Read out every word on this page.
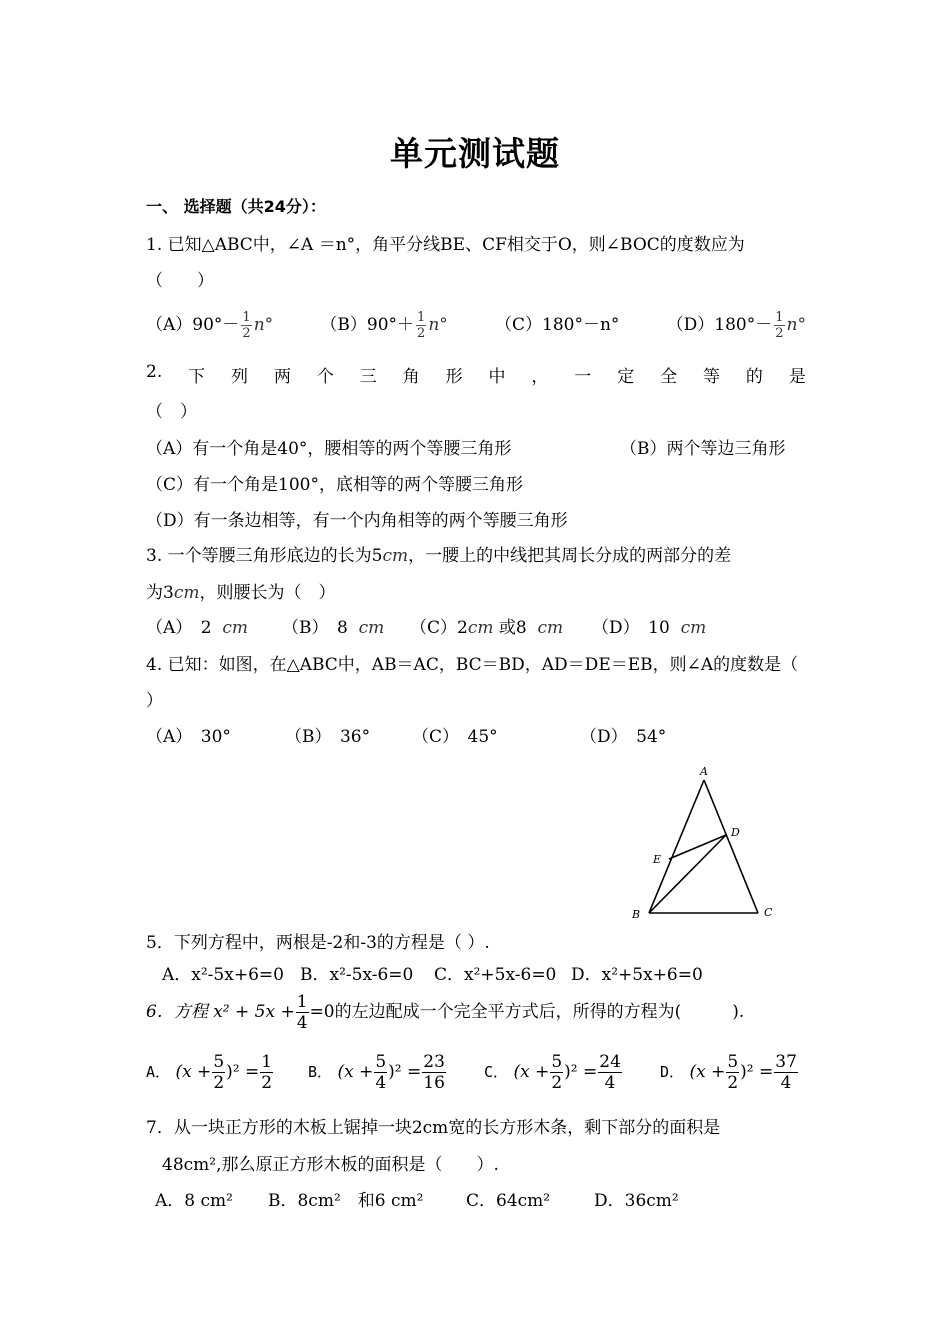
单元测试题
一、 选择题（共24分）：
1. 已知△ABC中，∠A ＝n°，角平分线BE、CF相交于O，则∠BOC的度数应为
（　　）
$(A)90^\circ- \frac{1}{2} n^\circ$	$(B)90^\circ+ \frac{1}{2} n^\circ$	（C）180°－n°	$(D)180^\circ- \frac{1}{2} n^\circ$
2. 下 列 两 个 三 角 形 中 ， 一 定 全 等 的 是
（　）
（A）有一个角是40°，腰相等的两个等腰三角形	（B）两个等边三角形
（C）有一个角是100°，底相等的两个等腰三角形
（D）有一条边相等，有一个内角相等的两个等腰三角形
3. 一个等腰三角形底边的长为5cm，一腰上的中线把其周长分成的两部分的差
为3cm，则腰长为（　）
（A）　2 cm （B）　8 cm （C）2cm 或8 cm （D）　10 cm
4. 已知：如图，在△ABC中，AB＝AC，BC＝BD，AD＝DE＝EB，则∠A的度数是（
）
（A）　30°	（B）　36° （C）　45°	（D）　54°
A
B	C
D
E
5．下列方程中，两根是-2和-3的方程是（ ）.
A．x²-5x+6=0 B．x²-5x-6=0 C．x²+5x-6=0 D．x²+5x+6=0
6．方程 $x^2 + 5x + \frac{1}{4} =0$的左边配成一个完全平方式后，所得的方程为(　　　).
A． $(x + \frac{5}{2} )^2 = \frac{1}{2}$ B． $(x + \frac{5}{4} )^2 = \frac{23}{16}$	C． $(x + \frac{5}{2} )^2 = \frac{24}{4}$	D． $(x + \frac{5}{2} )^2 = \frac{37}{4}$
7．从一块正方形的木板上锯掉一块2cm宽的长方形木条，剩下部分的面积是
48cm²,那么原正方形木板的面积是（　　）.
A．8 cm² B．8cm²　和6 cm²	C．64cm²	D．36cm²
